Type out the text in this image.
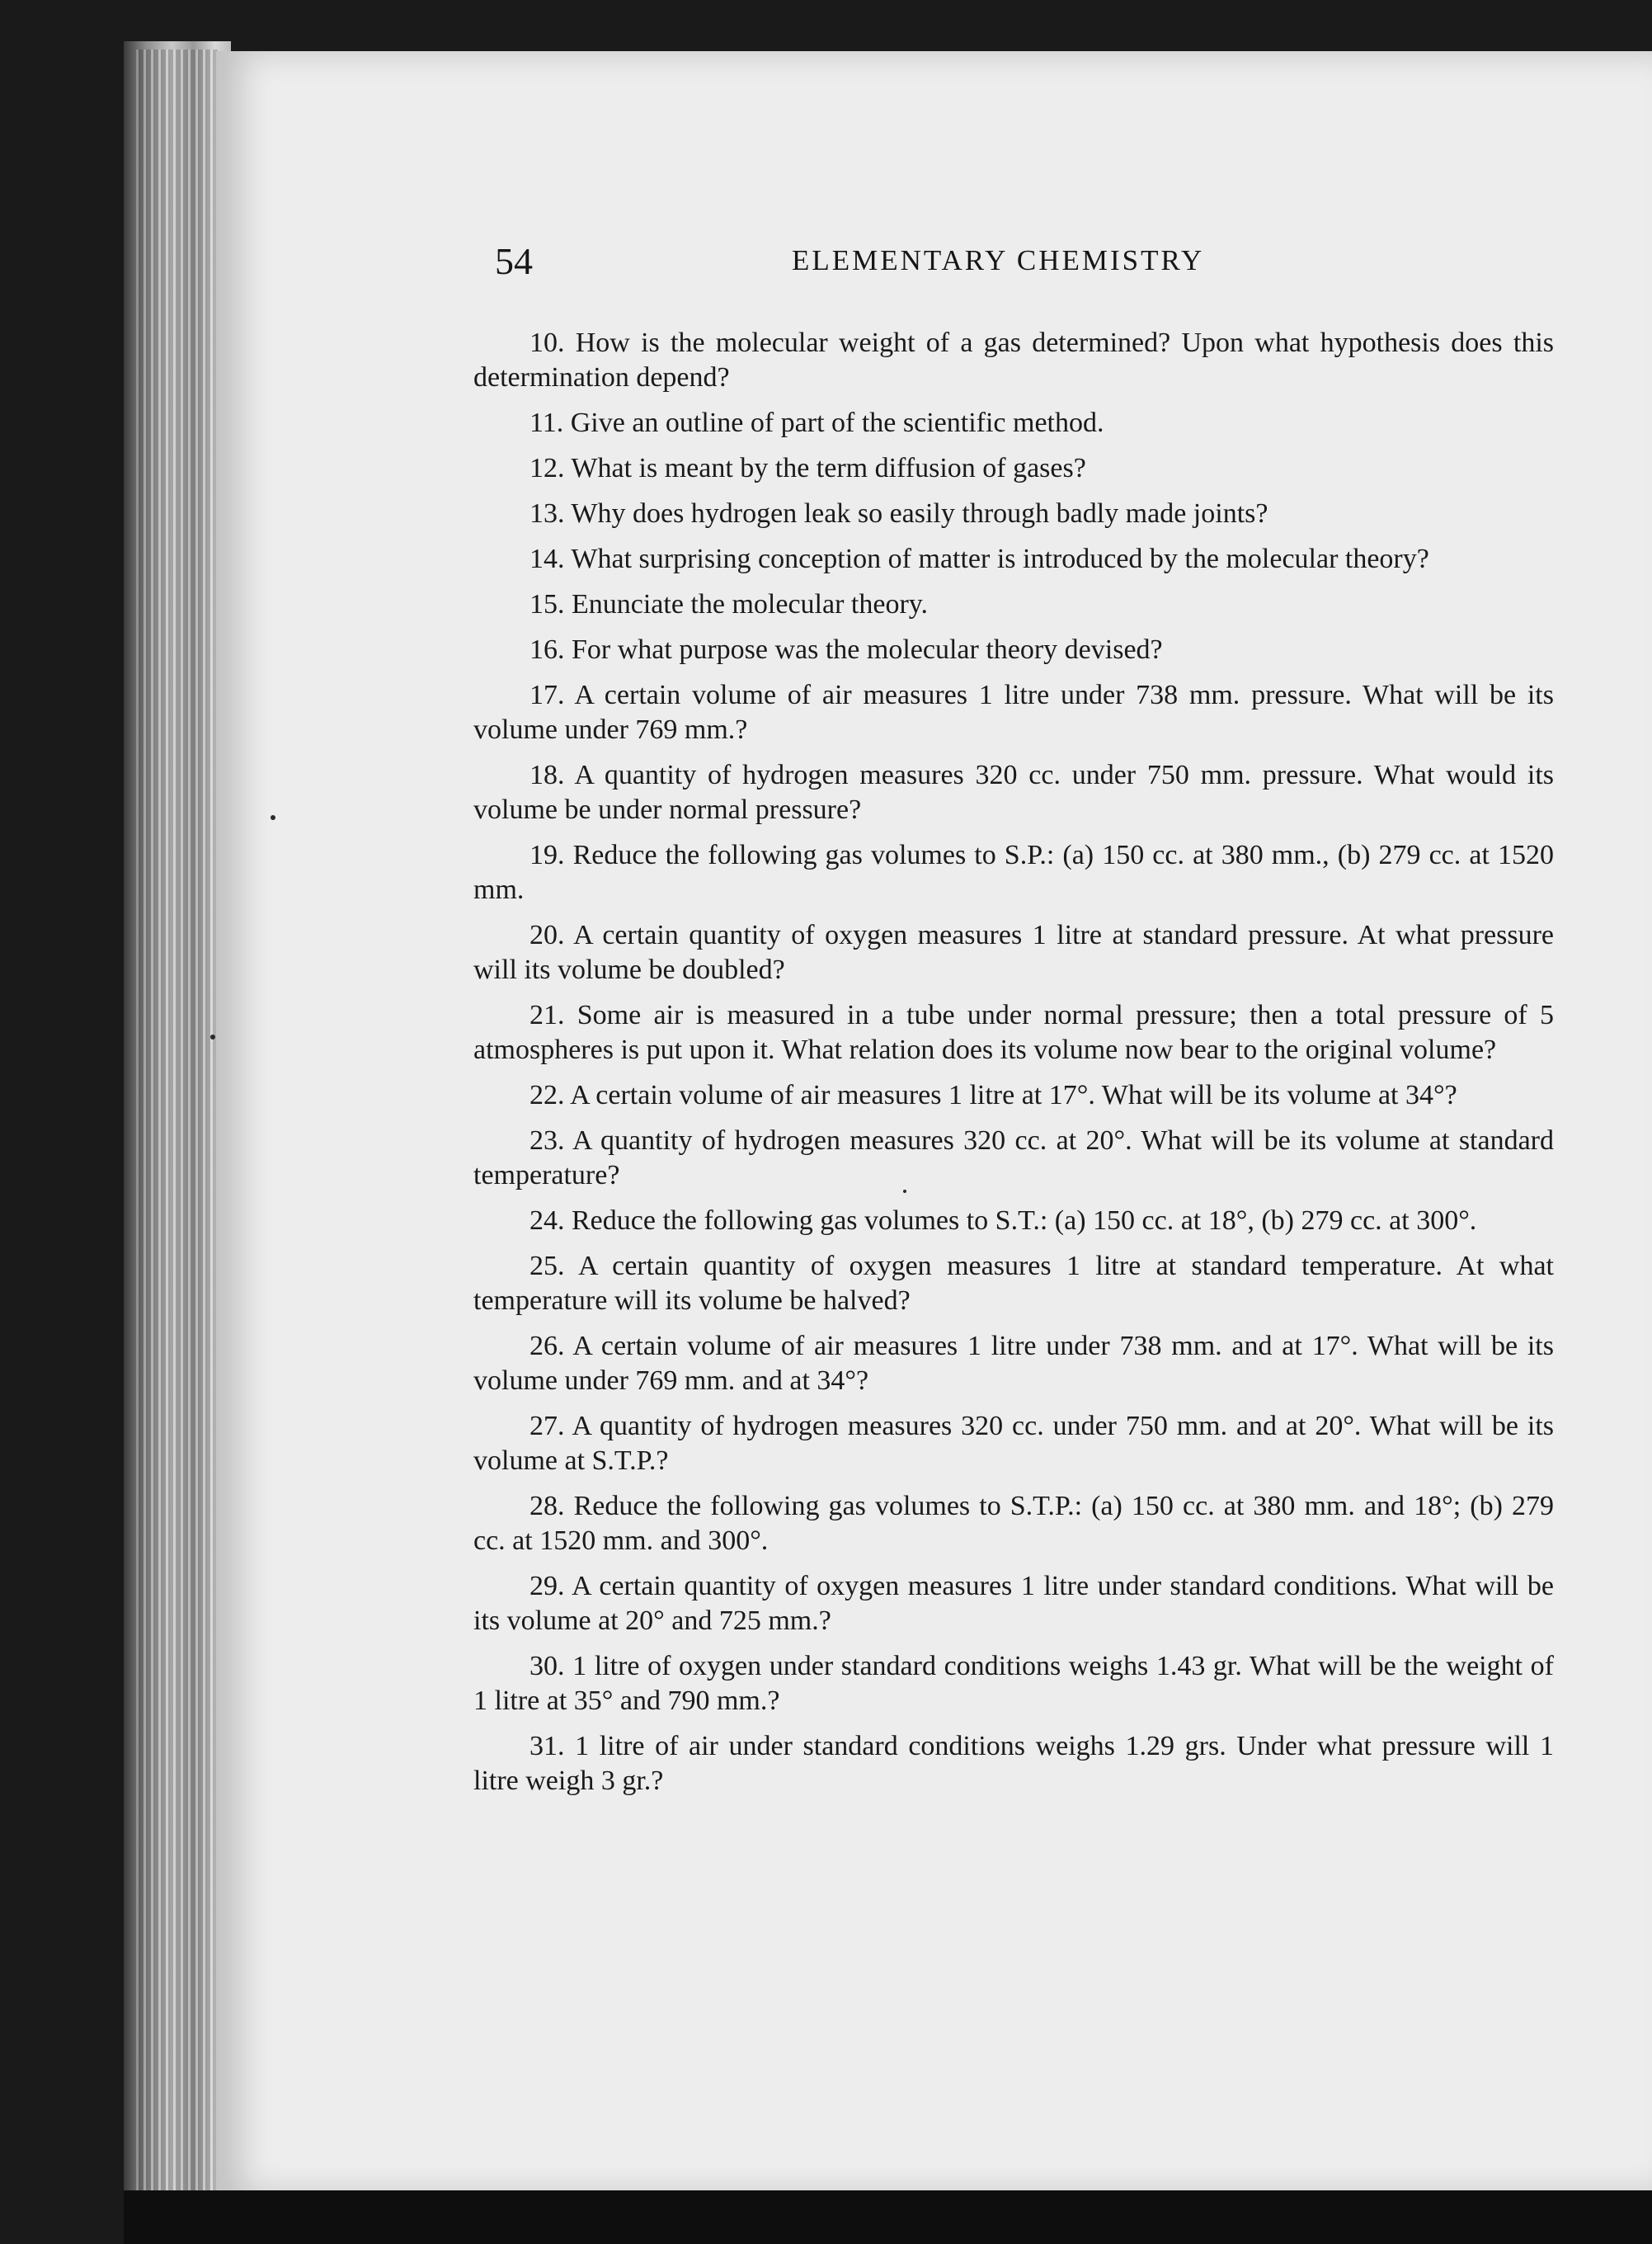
54	ELEMENTARY CHEMISTRY

10. How is the molecular weight of a gas determined? Upon what hypothesis does this determination depend?

11. Give an outline of part of the scientific method.

12. What is meant by the term diffusion of gases?

13. Why does hydrogen leak so easily through badly made joints?

14. What surprising conception of matter is introduced by the molecular theory?

15. Enunciate the molecular theory.

16. For what purpose was the molecular theory devised?

17. A certain volume of air measures 1 litre under 738 mm. pressure. What will be its volume under 769 mm.?

18. A quantity of hydrogen measures 320 cc. under 750 mm. pressure. What would its volume be under normal pressure?

19. Reduce the following gas volumes to S.P.: (a) 150 cc. at 380 mm., (b) 279 cc. at 1520 mm.

20. A certain quantity of oxygen measures 1 litre at standard pressure. At what pressure will its volume be doubled?

21. Some air is measured in a tube under normal pressure; then a total pressure of 5 atmospheres is put upon it. What relation does its volume now bear to the original volume?

22. A certain volume of air measures 1 litre at 17°. What will be its volume at 34°?

23. A quantity of hydrogen measures 320 cc. at 20°. What will be its volume at standard temperature?

24. Reduce the following gas volumes to S.T.: (a) 150 cc. at 18°, (b) 279 cc. at 300°.

25. A certain quantity of oxygen measures 1 litre at standard temperature. At what temperature will its volume be halved?

26. A certain volume of air measures 1 litre under 738 mm. and at 17°. What will be its volume under 769 mm. and at 34°?

27. A quantity of hydrogen measures 320 cc. under 750 mm. and at 20°. What will be its volume at S.T.P.?

28. Reduce the following gas volumes to S.T.P.: (a) 150 cc. at 380 mm. and 18°; (b) 279 cc. at 1520 mm. and 300°.

29. A certain quantity of oxygen measures 1 litre under standard conditions. What will be its volume at 20° and 725 mm.?

30. 1 litre of oxygen under standard conditions weighs 1.43 gr. What will be the weight of 1 litre at 35° and 790 mm.?

31. 1 litre of air under standard conditions weighs 1.29 grs. Under what pressure will 1 litre weigh 3 gr.?
